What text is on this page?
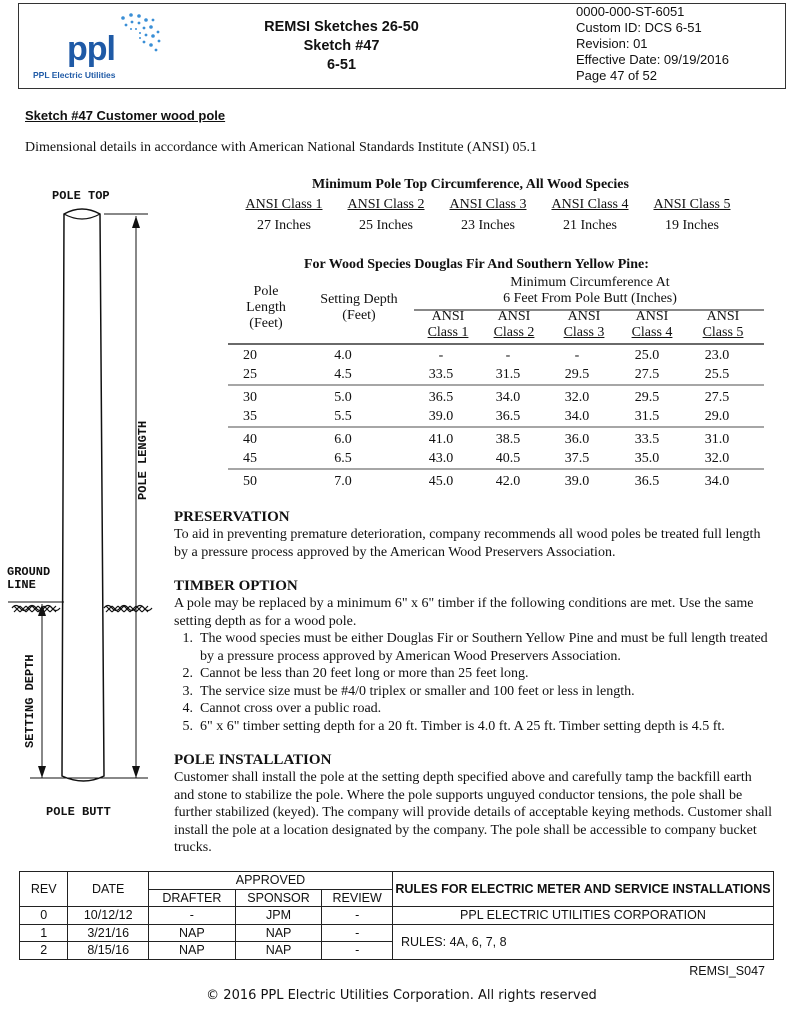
ppl
PPL Electric Utilities
REMSI Sketches 26-50
Sketch #47
6-51
0000-000-ST-6051
Custom ID: DCS 6-51
Revision: 01
Effective Date: 09/19/2016
Page 47 of 52
Sketch #47 Customer wood pole
Dimensional details in accordance with American National Standards Institute (ANSI) 05.1
POLE TOP
POLE LENGTH
GROUND
LINE
SETTING DEPTH
POLE BUTT
Minimum Pole Top Circumference, All Wood Species
ANSI Class 1	ANSI Class 2	ANSI Class 3	ANSI Class 4	ANSI Class 5
27 Inches	25 Inches	23 Inches	21 Inches	19 Inches
For Wood Species Douglas Fir And Southern Yellow Pine:
Pole
Length
(Feet)
Setting Depth
(Feet)
Minimum Circumference At
6 Feet From Pole Butt (Inches)
ANSI
Class 1
ANSI
Class 2
ANSI
Class 3
ANSI
Class 4
ANSI
Class 5
20	4.0	-	-	-	25.0	23.0
25	4.5	33.5	31.5	29.5	27.5	25.5
30	5.0	36.5	34.0	32.0	29.5	27.5
35	5.5	39.0	36.5	34.0	31.5	29.0
40	6.0	41.0	38.5	36.0	33.5	31.0
45	6.5	43.0	40.5	37.5	35.0	32.0
50	7.0	45.0	42.0	39.0	36.5	34.0
PRESERVATION
To aid in preventing premature deterioration, company recommends all wood poles be treated full length by a pressure process approved by the American Wood Preservers Association.
TIMBER OPTION
A pole may be replaced by a minimum 6" x 6" timber if the following conditions are met. Use the same setting depth as for a wood pole.
1. The wood species must be either Douglas Fir or Southern Yellow Pine and must be full length treated by a pressure process approved by American Wood Preservers Association.
2. Cannot be less than 20 feet long or more than 25 feet long.
3. The service size must be #4/0 triplex or smaller and 100 feet or less in length.
4. Cannot cross over a public road.
5. 6" x 6" timber setting depth for a 20 ft. Timber is 4.0 ft. A 25 ft. Timber setting depth is 4.5 ft.
POLE INSTALLATION
Customer shall install the pole at the setting depth specified above and carefully tamp the backfill earth and stone to stabilize the pole. Where the pole supports unguyed conductor tensions, the pole shall be further stabilized (keyed). The company will provide details of acceptable keying methods. Customer shall install the pole at a location designated by the company. The pole shall be accessible to company bucket trucks.
REV	DATE	APPROVED			RULES FOR ELECTRIC METER AND SERVICE INSTALLATIONS
		DRAFTER	SPONSOR	REVIEW	
0	10/12/12	-	JPM	-	PPL ELECTRIC UTILITIES CORPORATION
1	3/21/16	NAP	NAP	-	RULES: 4A, 6, 7, 8
2	8/15/16	NAP	NAP	-	
REMSI_S047
© 2016 PPL Electric Utilities Corporation. All rights reserved
